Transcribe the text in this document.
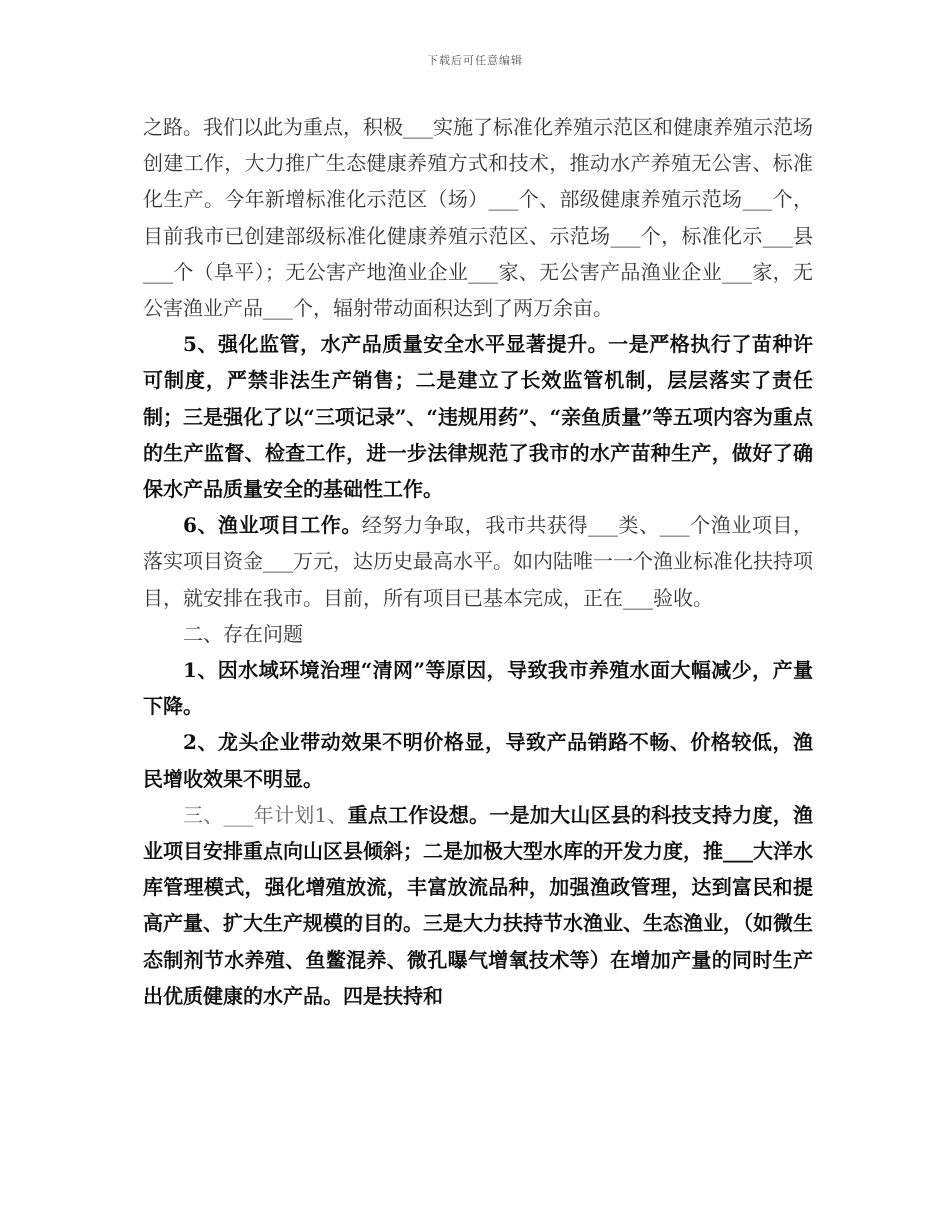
下载后可任意编辑

之路。我们以此为重点，积极___实施了标准化养殖示范区和健康养殖示范场创建工作，大力推广生态健康养殖方式和技术，推动水产养殖无公害、标准化生产。今年新增标准化示范区（场）___个、部级健康养殖示范场___个，目前我市已创建部级标准化健康养殖示范区、示范场___个，标准化示___县___个（阜平）；无公害产地渔业企业___家、无公害产品渔业企业___家，无公害渔业产品___个，辐射带动面积达到了两万余亩。

5、强化监管，水产品质量安全水平显著提升。一是严格执行了苗种许可制度，严禁非法生产销售；二是建立了长效监管机制，层层落实了责任制；三是强化了以“三项记录”、“违规用药”、“亲鱼质量”等五项内容为重点的生产监督、检查工作，进一步法律规范了我市的水产苗种生产，做好了确保水产品质量安全的基础性工作。

6、渔业项目工作。经努力争取，我市共获得___类、___个渔业项目，落实项目资金___万元，达历史最高水平。如内陆唯一一个渔业标准化扶持项目，就安排在我市。目前，所有项目已基本完成，正在___验收。

二、存在问题

1、因水域环境治理“清网”等原因，导致我市养殖水面大幅减少，产量下降。

2、龙头企业带动效果不明价格显，导致产品销路不畅、价格较低，渔民增收效果不明显。

三、___年计划1、重点工作设想。一是加大山区县的科技支持力度，渔业项目安排重点向山区县倾斜；二是加极大型水库的开发力度，推___大洋水库管理模式，强化增殖放流，丰富放流品种，加强渔政管理，达到富民和提高产量、扩大生产规模的目的。三是大力扶持节水渔业、生态渔业，（如微生态制剂节水养殖、鱼鳖混养、微孔曝气增氧技术等）在增加产量的同时生产出优质健康的水产品。四是扶持和
